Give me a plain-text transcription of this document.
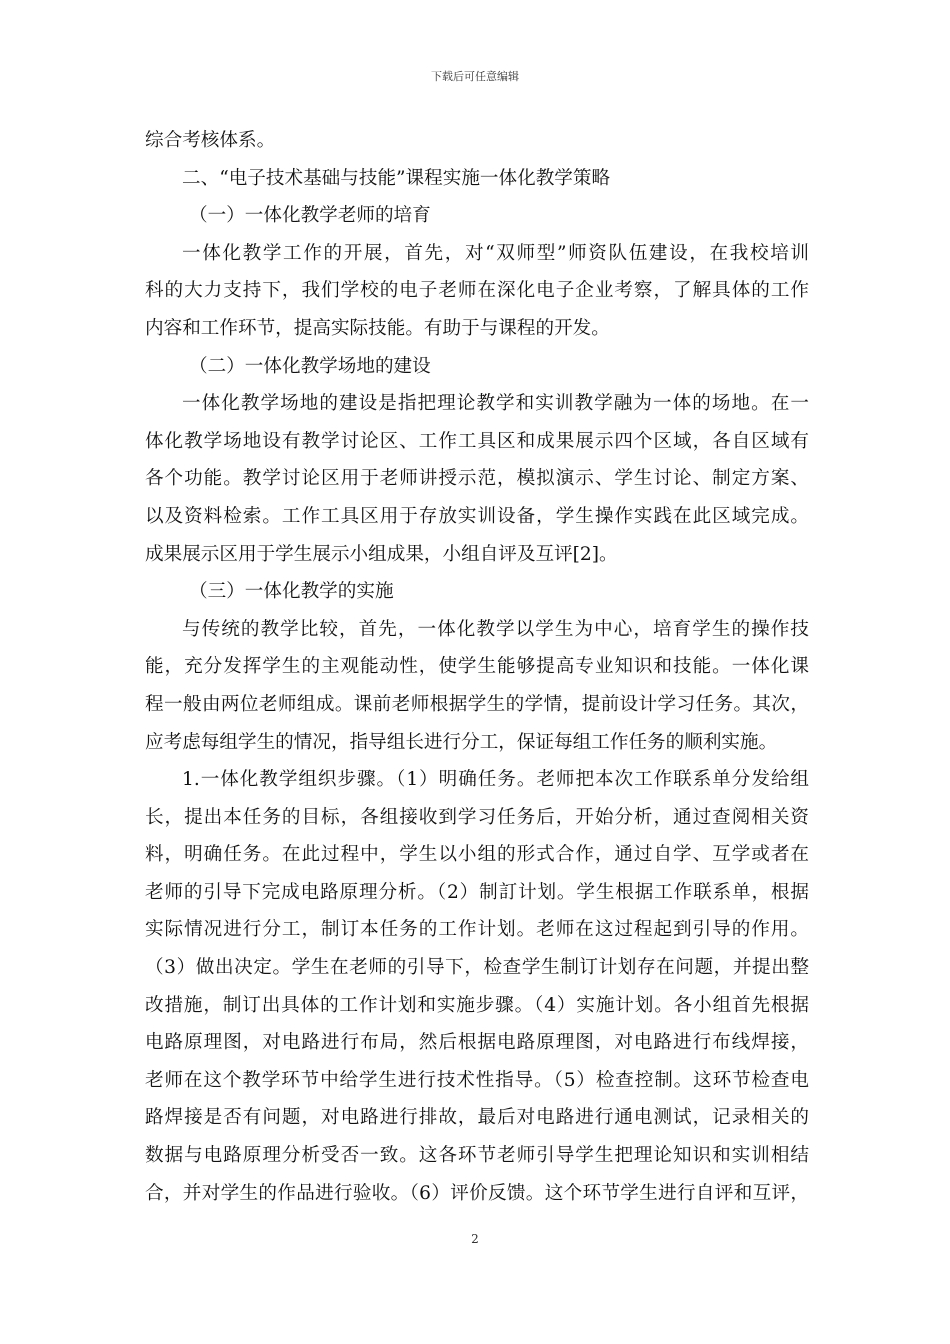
下载后可任意编辑
综合考核体系。
二、“电子技术基础与技能”课程实施一体化教学策略
（一）一体化教学老师的培育
一体化教学工作的开展，首先，对“双师型”师资队伍建设，在我校培训
科的大力支持下，我们学校的电子老师在深化电子企业考察，了解具体的工作
内容和工作环节，提高实际技能。有助于与课程的开发。
（二）一体化教学场地的建设
一体化教学场地的建设是指把理论教学和实训教学融为一体的场地。在一
体化教学场地设有教学讨论区、工作工具区和成果展示四个区域，各自区域有
各个功能。教学讨论区用于老师讲授示范，模拟演示、学生讨论、制定方案、
以及资料检索。工作工具区用于存放实训设备，学生操作实践在此区域完成。
成果展示区用于学生展示小组成果，小组自评及互评[2]。
（三）一体化教学的实施
与传统的教学比较，首先，一体化教学以学生为中心，培育学生的操作技
能，充分发挥学生的主观能动性，使学生能够提高专业知识和技能。一体化课
程一般由两位老师组成。课前老师根据学生的学情，提前设计学习任务。其次，
应考虑每组学生的情况，指导组长进行分工，保证每组工作任务的顺利实施。
1.一体化教学组织步骤。（1）明确任务。老师把本次工作联系单分发给组
长，提出本任务的目标，各组接收到学习任务后，开始分析，通过查阅相关资
料，明确任务。在此过程中，学生以小组的形式合作，通过自学、互学或者在
老师的引导下完成电路原理分析。（2）制訂计划。学生根据工作联系单，根据
实际情况进行分工，制订本任务的工作计划。老师在这过程起到引导的作用。
（3）做出决定。学生在老师的引导下，检查学生制订计划存在问题，并提出整
改措施，制订出具体的工作计划和实施步骤。（4）实施计划。各小组首先根据
电路原理图，对电路进行布局，然后根据电路原理图，对电路进行布线焊接，
老师在这个教学环节中给学生进行技术性指导。（5）检查控制。这环节检查电
路焊接是否有问题，对电路进行排故，最后对电路进行通电测试，记录相关的
数据与电路原理分析受否一致。这各环节老师引导学生把理论知识和实训相结
合，并对学生的作品进行验收。（6）评价反馈。这个环节学生进行自评和互评，
2
